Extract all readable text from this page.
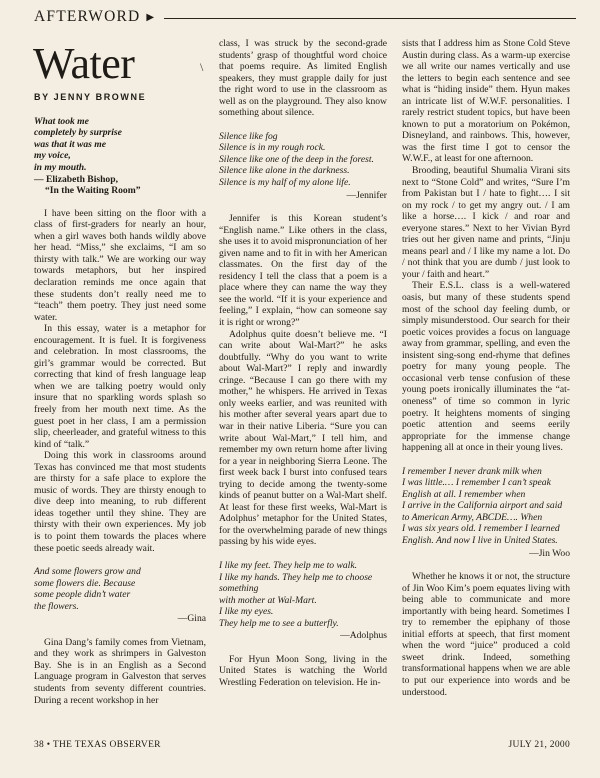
AFTERWORD ▶
\
Water
BY JENNY BROWNE
What took me
completely by surprise
was that it was me
my voice,
in my mouth.
— Elizabeth Bishop,
“In the Waiting Room”

I have been sitting on the floor with a class of first-graders for nearly an hour, when a girl waves both hands wildly above her head. “Miss,” she exclaims, “I am so thirsty with talk.” We are working our way towards metaphors, but her inspired declaration reminds me once again that these students don’t really need me to “teach” them poetry. They just need some water.

In this essay, water is a metaphor for encouragement. It is fuel. It is forgiveness and celebration. In most classrooms, the girl’s grammar would be corrected. But correcting that kind of fresh language leap when we are talking poetry would only insure that no sparkling words splash so freely from her mouth next time. As the guest poet in her class, I am a permission slip, cheerleader, and grateful witness to this kind of “talk.”

Doing this work in classrooms around Texas has convinced me that most students are thirsty for a safe place to explore the music of words. They are thirsty enough to dive deep into meaning, to rub different ideas together until they shine. They are thirsty with their own experiences. My job is to point them towards the places where these poetic seeds already wait.

And some flowers grow and
some flowers die. Because
some people didn’t water
the flowers.
—Gina

Gina Dang’s family comes from Vietnam, and they work as shrimpers in Galveston Bay. She is in an English as a Second Language program in Galveston that serves students from seventy different countries. During a recent workshop in her

class, I was struck by the second-grade students’ grasp of thoughtful word choice that poems require. As limited English speakers, they must grapple daily for just the right word to use in the classroom as well as on the playground. They also know something about silence.

Silence like fog
Silence is in my rough rock.
Silence like one of the deep in the forest.
Silence like alone in the darkness.
Silence is my half of my alone life.
—Jennifer

Jennifer is this Korean student’s “English name.” Like others in the class, she uses it to avoid mispronunciation of her given name and to fit in with her American classmates. On the first day of the residency I tell the class that a poem is a place where they can name the way they see the world. “If it is your experience and feeling,” I explain, “how can someone say it is right or wrong?”

Adolphus quite doesn’t believe me. “I can write about Wal-Mart?” he asks doubtfully. “Why do you want to write about Wal-Mart?” I reply and inwardly cringe. “Because I can go there with my mother,” he whispers. He arrived in Texas only weeks earlier, and was reunited with his mother after several years apart due to war in their native Liberia. “Sure you can write about Wal-Mart,” I tell him, and remember my own return home after living for a year in neighboring Sierra Leone. The first week back I burst into confused tears trying to decide among the twenty-some kinds of peanut butter on a Wal-Mart shelf. At least for these first weeks, Wal-Mart is Adolphus’ metaphor for the United States, for the overwhelming parade of new things passing by his wide eyes.

I like my feet. They help me to walk.
I like my hands. They help me to choose
something
with mother at Wal-Mart.
I like my eyes.
They help me to see a butterfly.
—Adolphus

For Hyun Moon Song, living in the United States is watching the World Wrestling Federation on television. He in-

sists that I address him as Stone Cold Steve Austin during class. As a warm-up exercise we all write our names vertically and use the letters to begin each sentence and see what is “hiding inside” them. Hyun makes an intricate list of W.W.F. personalities. I rarely restrict student topics, but have been known to put a moratorium on Pokémon, Disneyland, and rainbows. This, however, was the first time I got to censor the W.W.F., at least for one afternoon.

Brooding, beautiful Shumalia Virani sits next to “Stone Cold” and writes, “Sure I’m from Pakistan but I / hate to fight…. I sit on my rock / to get my angry out. / I am like a horse…. I kick / and roar and everyone stares.” Next to her Vivian Byrd tries out her given name and prints, “Jinju means pearl and / I like my name a lot. Do / not think that you are dumb / just look to your / faith and heart.”

Their E.S.L. class is a well-watered oasis, but many of these students spend most of the school day feeling dumb, or simply misunderstood. Our search for their poetic voices provides a focus on language away from grammar, spelling, and even the insistent sing-song end-rhyme that defines poetry for many young people. The occasional verb tense confusion of these young poets ironically illuminates the “at-oneness” of time so common in lyric poetry. It heightens moments of singing poetic attention and seems eerily appropriate for the immense change happening all at once in their young lives.

I remember I never drank milk when
I was little.… I remember I can’t speak
English at all. I remember when
I arrive in the California airport and said
to American Army, ABCDE…. When
I was six years old. I remember I learned
English. And now I live in United States.
—Jin Woo

Whether he knows it or not, the structure of Jin Woo Kim’s poem equates living with being able to communicate and more importantly with being heard. Sometimes I try to remember the epiphany of those initial efforts at speech, that first moment when the word “juice” produced a cold sweet drink. Indeed, something transformational happens when we are able to put our experience into words and be understood.

38 • THE TEXAS OBSERVER	JULY 21, 2000
